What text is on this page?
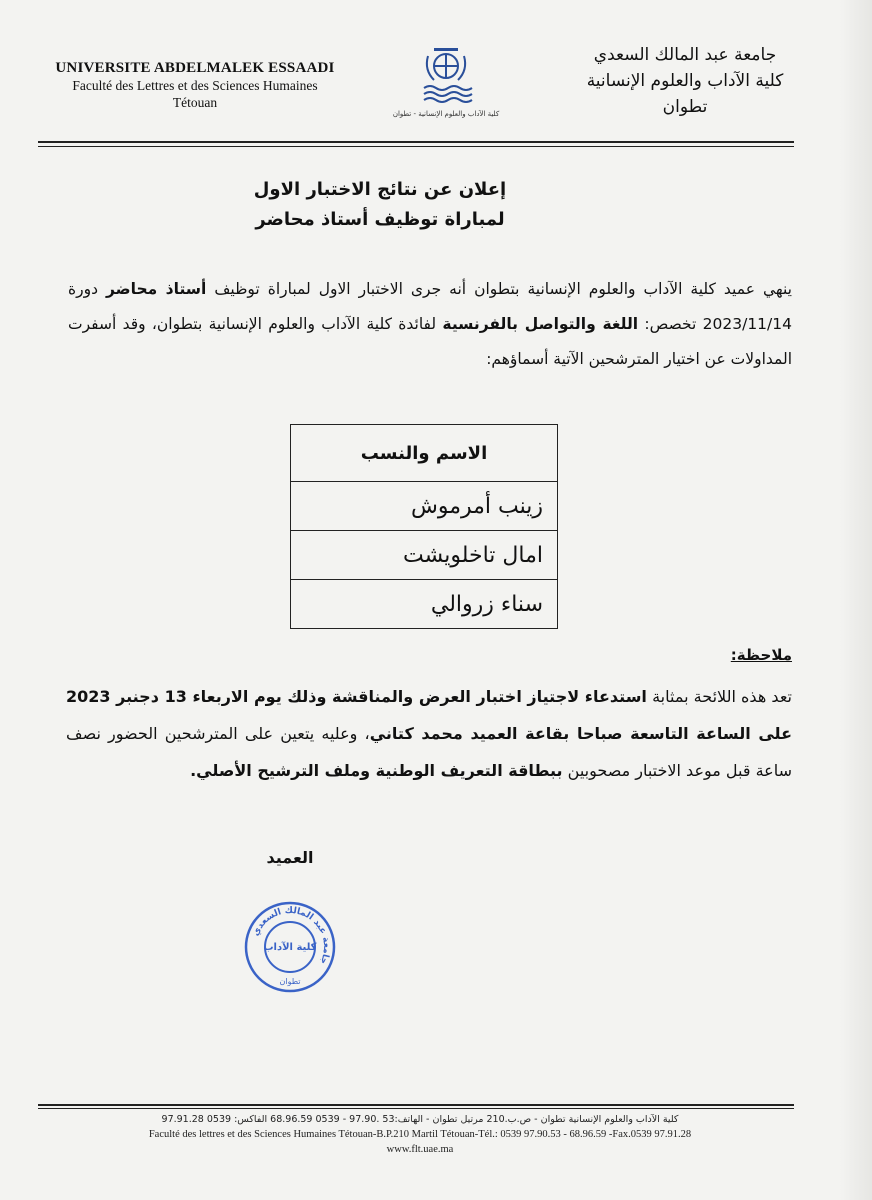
UNIVERSITE ABDELMALEK ESSAADI
Faculté des Lettres et des Sciences Humaines
Tétouan
كلية الآداب والعلوم الإنسانية - تطوان
جامعة عبد المالك السعدي
كلية الآداب والعلوم الإنسانية
تطوان
إعلان عن نتائج الاختبار الاول
لمباراة توظيف أستاذ محاضر
ينهي عميد كلية الآداب والعلوم الإنسانية بتطوان أنه جرى الاختبار الاول لمباراة توظيف أستاذ محاضر دورة 2023/11/14 تخصص: اللغة والتواصل بالفرنسية لفائدة كلية الآداب والعلوم الإنسانية بتطوان، وقد أسفرت المداولات عن اختيار المترشحين الآتية أسماؤهم:
الاسم والنسب
زينب أمرموش
امال تاخلويشت
سناء زروالي
ملاحظة:
تعد هذه اللائحة بمثابة استدعاء لاجتياز اختبار العرض والمناقشة وذلك يوم الاربعاء 13 دجنبر 2023 على الساعة التاسعة صباحا بقاعة العميد محمد كتاني، وعليه يتعين على المترشحين الحضور نصف ساعة قبل موعد الاختبار مصحوبين ببطاقة التعريف الوطنية وملف الترشيح الأصلي.
العميد
جامعة عبد المالك السعدي
كلية الآداب
تطوان
كلية الآداب والعلوم الإنسانية تطوان - ص.ب.210 مرتيل تطوان - الهاتف:53 .97.90 - 0539 68.96.59 الفاكس: 0539 97.91.28
Faculté des lettres et des Sciences Humaines Tétouan-B.P.210 Martil Tétouan-Tél.: 0539 97.90.53 - 68.96.59 -Fax.0539 97.91.28
www.flt.uae.ma
